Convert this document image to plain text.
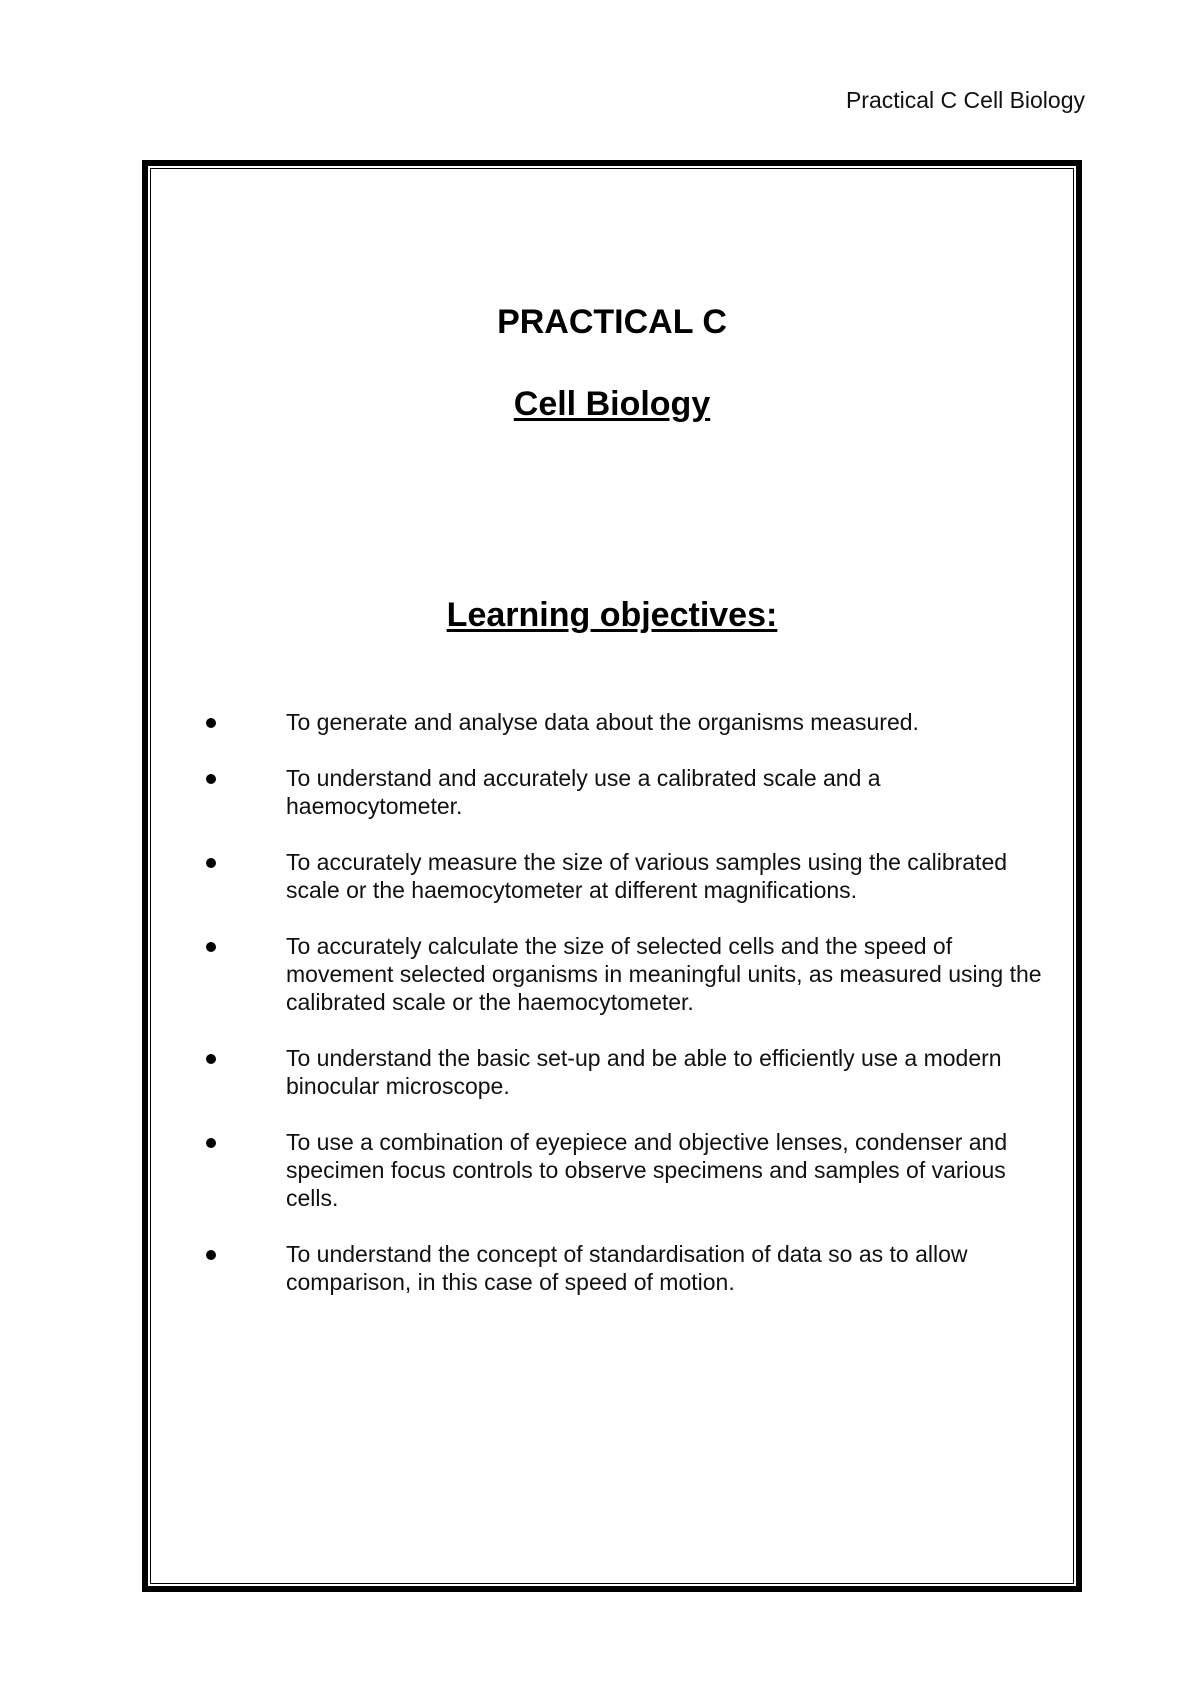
Practical C Cell Biology
PRACTICAL C
Cell Biology
Learning objectives:
To generate and analyse data about the organisms measured.
To understand and accurately use a calibrated scale and a haemocytometer.
To accurately measure the size of various samples using the calibrated scale or the haemocytometer at different magnifications.
To accurately calculate the size of selected cells and the speed of movement selected organisms in meaningful units, as measured using the calibrated scale or the haemocytometer.
To understand the basic set-up and be able to efficiently use a modern binocular microscope.
To use a combination of eyepiece and objective lenses, condenser and specimen focus controls to observe specimens and samples of various cells.
To understand the concept of standardisation of data so as to allow comparison, in this case of speed of motion.
